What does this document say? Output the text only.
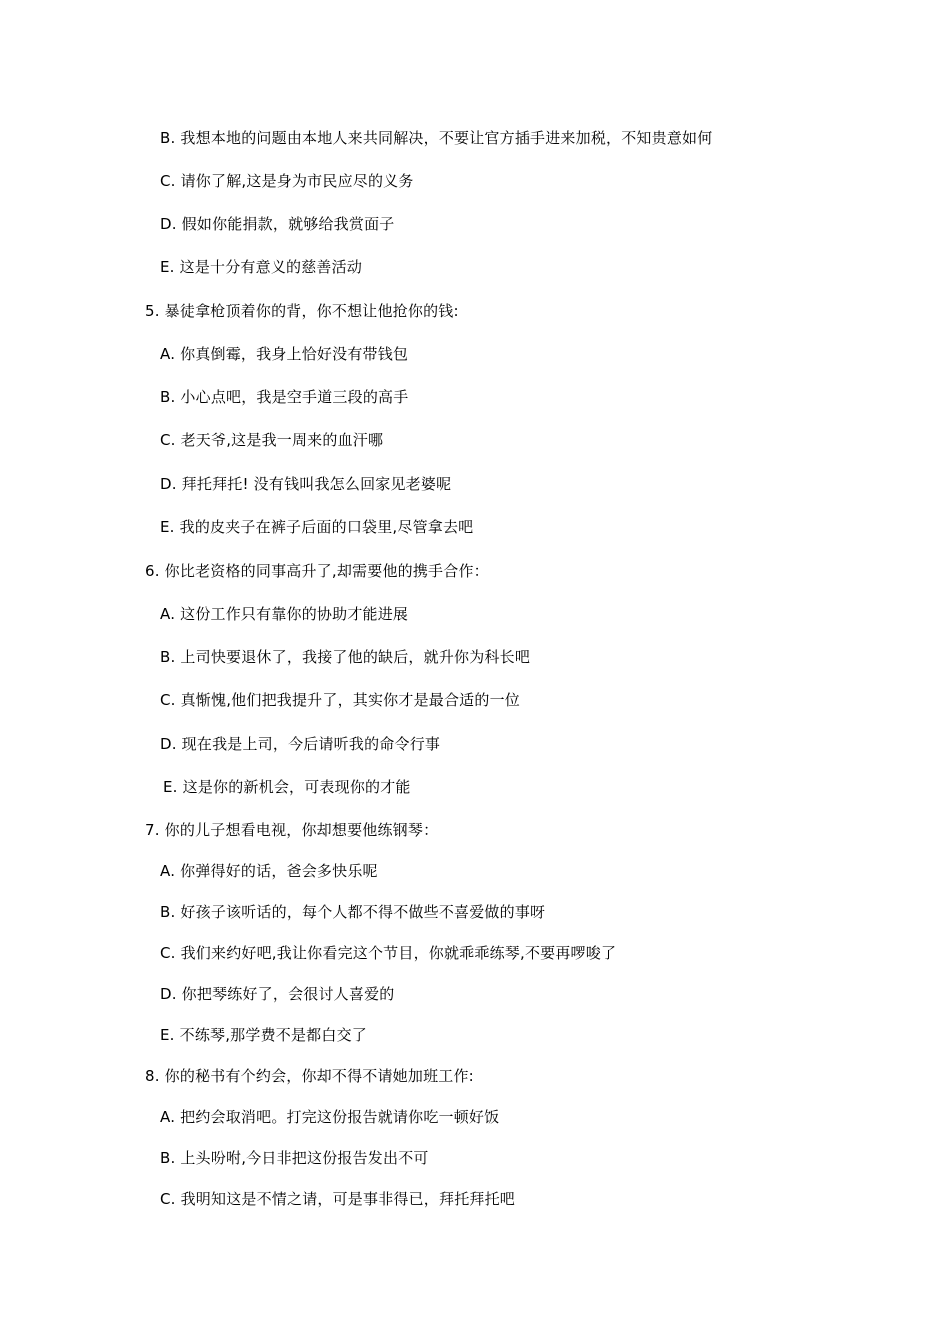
B. 我想本地的问题由本地人来共同解决，不要让官方插手进来加税，不知贵意如何
C. 请你了解,这是身为市民应尽的义务
D. 假如你能捐款，就够给我赏面子
E. 这是十分有意义的慈善活动
5. 暴徒拿枪顶着你的背，你不想让他抢你的钱:
A. 你真倒霉，我身上恰好没有带钱包
B. 小心点吧，我是空手道三段的高手
C. 老天爷,这是我一周来的血汗哪
D. 拜托拜托! 没有钱叫我怎么回家见老婆呢
E. 我的皮夹子在裤子后面的口袋里,尽管拿去吧
6. 你比老资格的同事高升了,却需要他的携手合作：
A. 这份工作只有靠你的协助才能进展
B. 上司快要退休了，我接了他的缺后，就升你为科长吧
C. 真惭愧,他们把我提升了，其实你才是最合适的一位
D. 现在我是上司，今后请听我的命令行事
E. 这是你的新机会，可表现你的才能
7. 你的儿子想看电视，你却想要他练钢琴：
A. 你弹得好的话，爸会多快乐呢
B. 好孩子该听话的，每个人都不得不做些不喜爱做的事呀
C. 我们来约好吧,我让你看完这个节目，你就乖乖练琴,不要再啰唆了
D. 你把琴练好了，会很讨人喜爱的
E. 不练琴,那学费不是都白交了
8. 你的秘书有个约会，你却不得不请她加班工作:
A. 把约会取消吧。打完这份报告就请你吃一顿好饭
B. 上头吩咐,今日非把这份报告发出不可
C. 我明知这是不情之请，可是事非得已，拜托拜托吧
